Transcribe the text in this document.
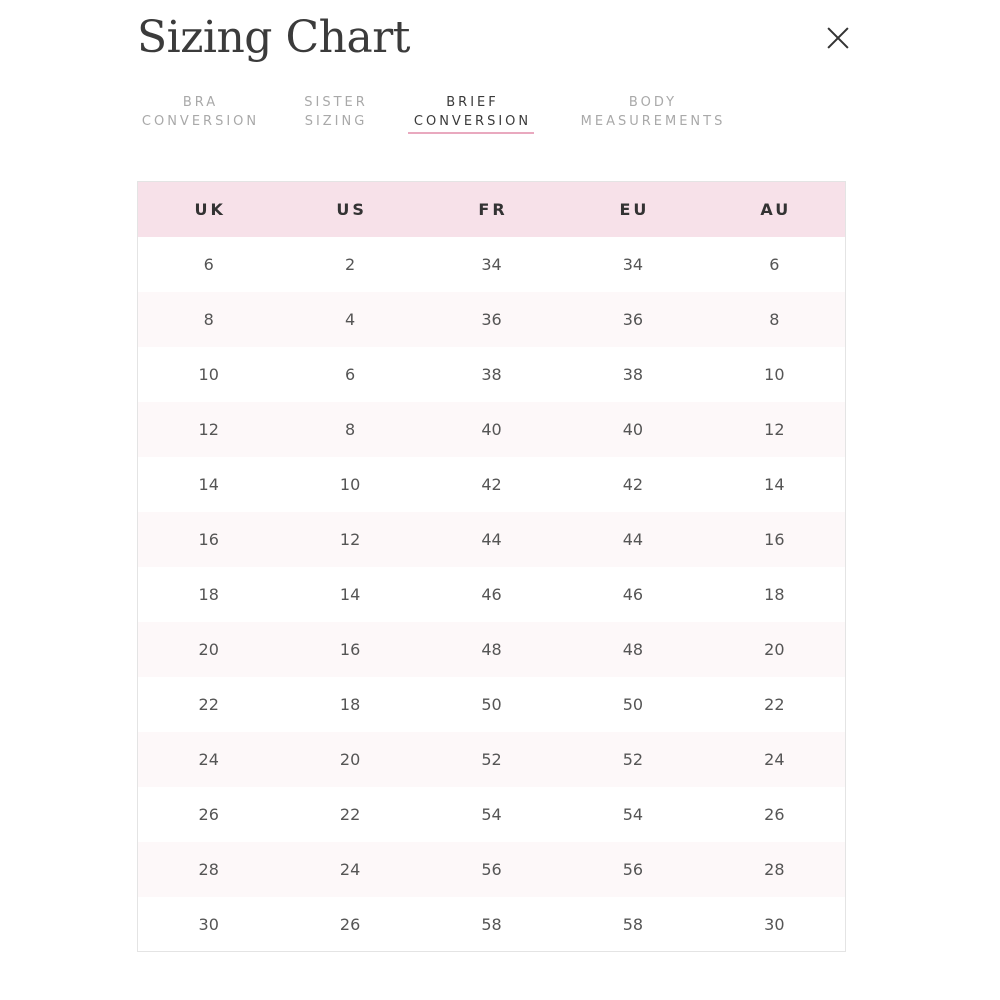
Sizing Chart
BRA
CONVERSION
SISTER
SIZING
BRIEF
CONVERSION
BODY
MEASUREMENTS
UK	US	FR	EU	AU
6	2	34	34	6
8	4	36	36	8
10	6	38	38	10
12	8	40	40	12
14	10	42	42	14
16	12	44	44	16
18	14	46	46	18
20	16	48	48	20
22	18	50	50	22
24	20	52	52	24
26	22	54	54	26
28	24	56	56	28
30	26	58	58	30
